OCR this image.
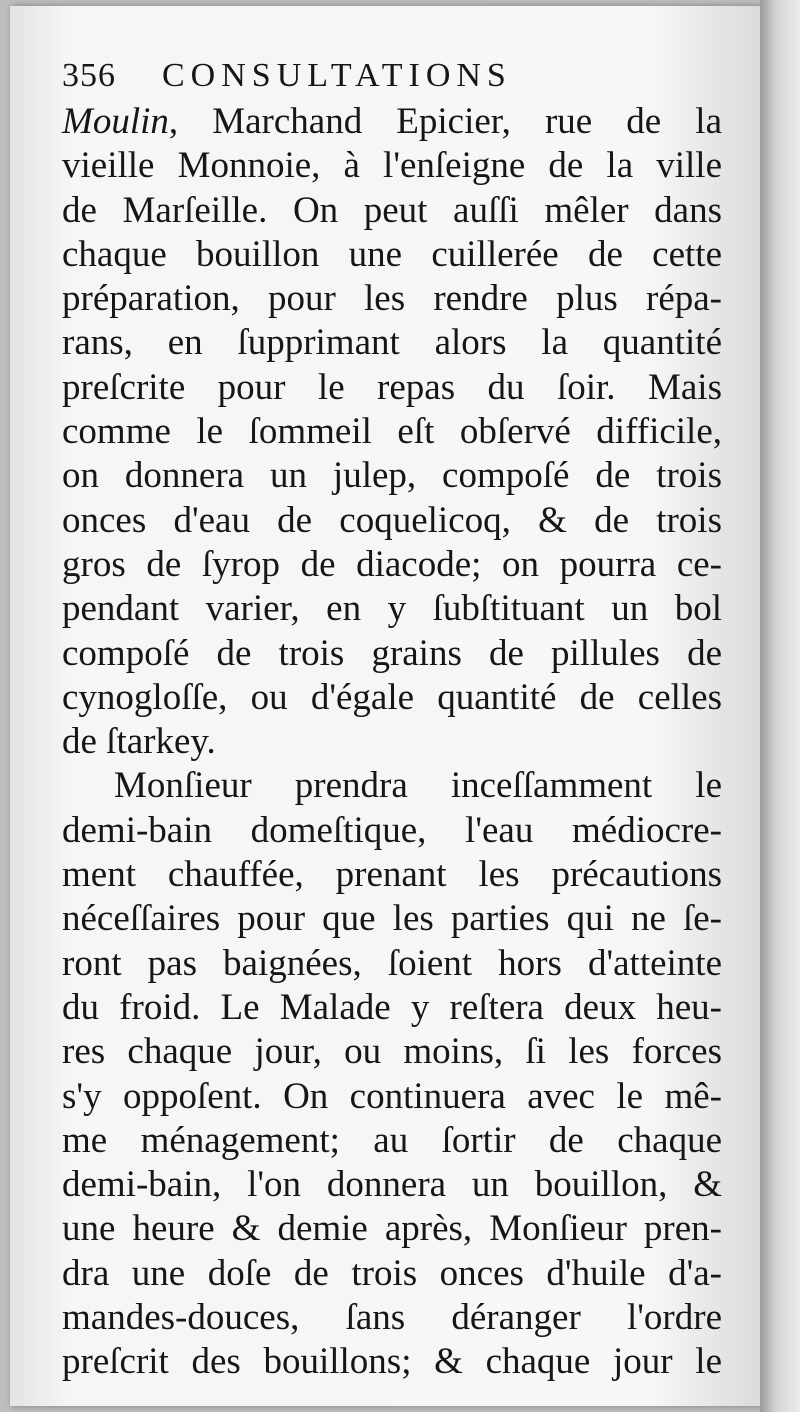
356 CONSULTATIONS
Moulin, Marchand Epicier, rue de la
vieille Monnoie, à l'enſeigne de la ville
de Marſeille. On peut auſſi mêler dans
chaque bouillon une cuillerée de cette
préparation, pour les rendre plus répa-
rans, en ſupprimant alors la quantité
preſcrite pour le repas du ſoir. Mais
comme le ſommeil eſt obſervé difficile,
on donnera un julep, compoſé de trois
onces d'eau de coquelicoq, & de trois
gros de ſyrop de diacode; on pourra ce-
pendant varier, en y ſubſtituant un bol
compoſé de trois grains de pillules de
cynogloſſe, ou d'égale quantité de celles
de ſtarkey.
Monſieur prendra inceſſamment le
demi-bain domeſtique, l'eau médiocre-
ment chauffée, prenant les précautions
néceſſaires pour que les parties qui ne ſe-
ront pas baignées, ſoient hors d'atteinte
du froid. Le Malade y reſtera deux heu-
res chaque jour, ou moins, ſi les forces
s'y oppoſent. On continuera avec le mê-
me ménagement; au ſortir de chaque
demi-bain, l'on donnera un bouillon, &
une heure & demie après, Monſieur pren-
dra une doſe de trois onces d'huile d'a-
mandes-douces, ſans déranger l'ordre
preſcrit des bouillons; & chaque jour le
